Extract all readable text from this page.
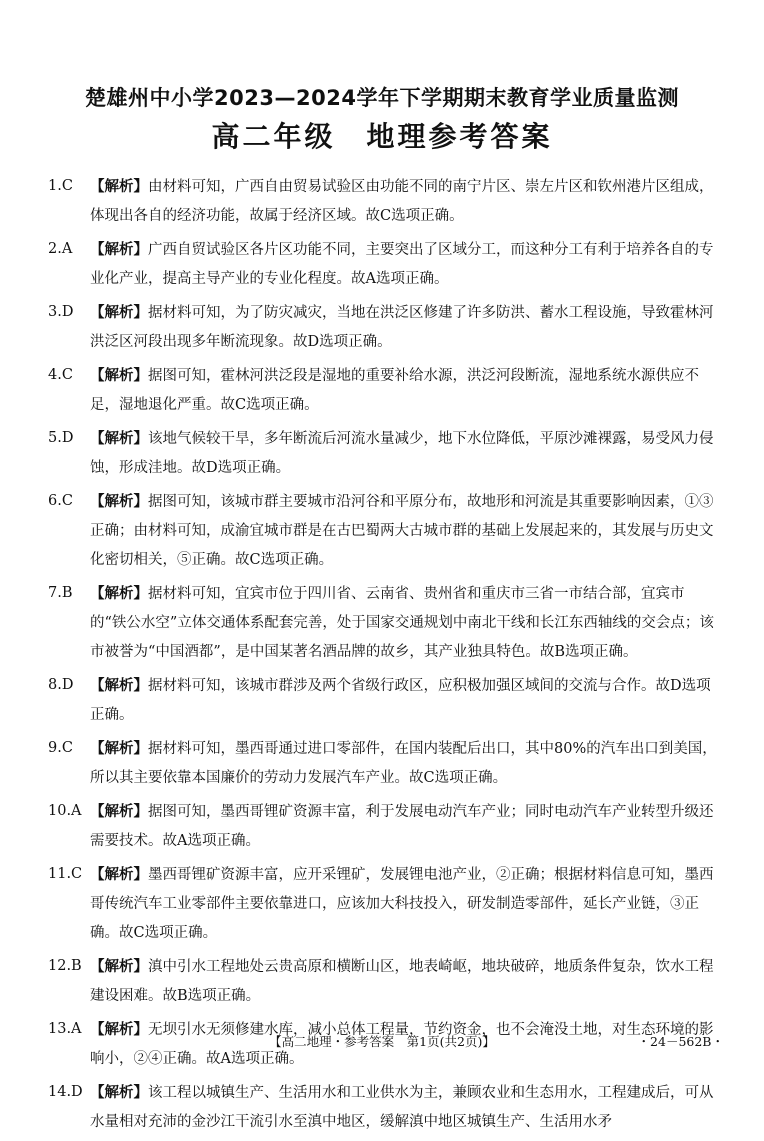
楚雄州中小学2023—2024学年下学期期末教育学业质量监测
高二年级　地理参考答案
1.C	【解析】由材料可知，广西自由贸易试验区由功能不同的南宁片区、崇左片区和钦州港片区组成，体现出各自的经济功能，故属于经济区域。故C选项正确。
2.A	【解析】广西自贸试验区各片区功能不同，主要突出了区域分工，而这种分工有利于培养各自的专业化产业，提高主导产业的专业化程度。故A选项正确。
3.D	【解析】据材料可知，为了防灾减灾，当地在洪泛区修建了许多防洪、蓄水工程设施，导致霍林河洪泛区河段出现多年断流现象。故D选项正确。
4.C	【解析】据图可知，霍林河洪泛段是湿地的重要补给水源，洪泛河段断流，湿地系统水源供应不足，湿地退化严重。故C选项正确。
5.D	【解析】该地气候较干旱，多年断流后河流水量减少，地下水位降低，平原沙滩裸露，易受风力侵蚀，形成洼地。故D选项正确。
6.C	【解析】据图可知，该城市群主要城市沿河谷和平原分布，故地形和河流是其重要影响因素，①③正确；由材料可知，成渝宜城市群是在古巴蜀两大古城市群的基础上发展起来的，其发展与历史文化密切相关，⑤正确。故C选项正确。
7.B	【解析】据材料可知，宜宾市位于四川省、云南省、贵州省和重庆市三省一市结合部，宜宾市的“铁公水空”立体交通体系配套完善，处于国家交通规划中南北干线和长江东西轴线的交会点；该市被誉为“中国酒都”，是中国某著名酒品牌的故乡，其产业独具特色。故B选项正确。
8.D	【解析】据材料可知，该城市群涉及两个省级行政区，应积极加强区域间的交流与合作。故D选项正确。
9.C	【解析】据材料可知，墨西哥通过进口零部件，在国内装配后出口，其中80%的汽车出口到美国，所以其主要依靠本国廉价的劳动力发展汽车产业。故C选项正确。
10.A 【解析】据图可知，墨西哥锂矿资源丰富，利于发展电动汽车产业；同时电动汽车产业转型升级还需要技术。故A选项正确。
11.C 【解析】墨西哥锂矿资源丰富，应开采锂矿，发展锂电池产业，②正确；根据材料信息可知，墨西哥传统汽车工业零部件主要依靠进口，应该加大科技投入，研发制造零部件，延长产业链，③正确。故C选项正确。
12.B 【解析】滇中引水工程地处云贵高原和横断山区，地表崎岖，地块破碎，地质条件复杂，饮水工程建设困难。故B选项正确。
13.A 【解析】无坝引水无须修建水库，减小总体工程量，节约资金，也不会淹没土地，对生态环境的影响小，②④正确。故A选项正确。
14.D 【解析】该工程以城镇生产、生活用水和工业供水为主，兼顾农业和生态用水，工程建成后，可从水量相对充沛的金沙江干流引水至滇中地区，缓解滇中地区城镇生产、生活用水矛
【高二地理・参考答案　第1页(共2页)】	・24－562B・
